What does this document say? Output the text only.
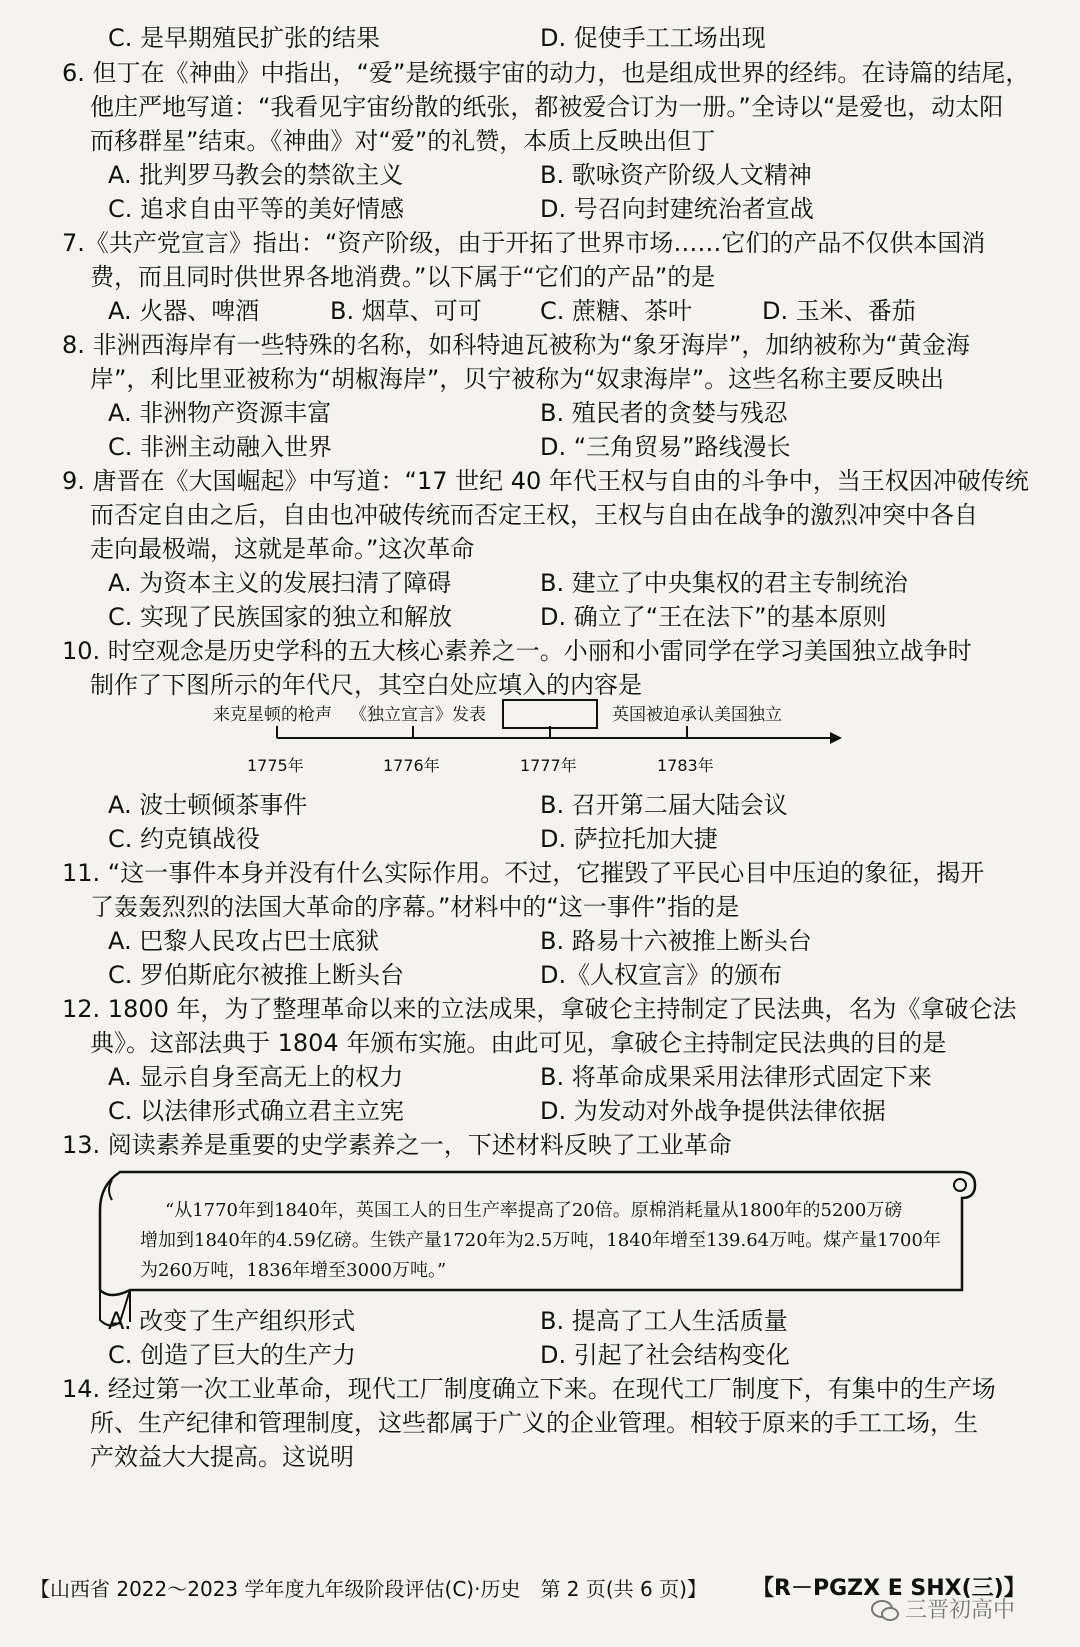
C. 是早期殖民扩张的结果	D. 促使手工工场出现
6. 但丁在《神曲》中指出，“爱”是统摄宇宙的动力，也是组成世界的经纬。在诗篇的结尾，
他庄严地写道：“我看见宇宙纷散的纸张，都被爱合订为一册。”全诗以“是爱也，动太阳
而移群星”结束。《神曲》对“爱”的礼赞，本质上反映出但丁
A. 批判罗马教会的禁欲主义	B. 歌咏资产阶级人文精神
C. 追求自由平等的美好情感	D. 号召向封建统治者宣战
7.《共产党宣言》指出：“资产阶级，由于开拓了世界市场……它们的产品不仅供本国消
费，而且同时供世界各地消费。”以下属于“它们的产品”的是
A. 火器、啤酒	B. 烟草、可可 C. 蔗糖、茶叶	D. 玉米、番茄
8. 非洲西海岸有一些特殊的名称，如科特迪瓦被称为“象牙海岸”，加纳被称为“黄金海
岸”，利比里亚被称为“胡椒海岸”，贝宁被称为“奴隶海岸”。这些名称主要反映出
A. 非洲物产资源丰富	B. 殖民者的贪婪与残忍
C. 非洲主动融入世界	D. “三角贸易”路线漫长
9. 唐晋在《大国崛起》中写道：“17 世纪 40 年代王权与自由的斗争中，当王权因冲破传统
而否定自由之后，自由也冲破传统而否定王权，王权与自由在战争的激烈冲突中各自
走向最极端，这就是革命。”这次革命
A. 为资本主义的发展扫清了障碍	B. 建立了中央集权的君主专制统治
C. 实现了民族国家的独立和解放	D. 确立了“王在法下”的基本原则
10. 时空观念是历史学科的五大核心素养之一。小丽和小雷同学在学习美国独立战争时
制作了下图所示的年代尺，其空白处应填入的内容是
来克星顿的枪声 《独立宣言》发表	英国被迫承认美国独立
1775年	1776年	1777年	1783年
A. 波士顿倾茶事件	B. 召开第二届大陆会议
C. 约克镇战役	D. 萨拉托加大捷
11. “这一事件本身并没有什么实际作用。不过，它摧毁了平民心目中压迫的象征，揭开
了轰轰烈烈的法国大革命的序幕。”材料中的“这一事件”指的是
A. 巴黎人民攻占巴士底狱	B. 路易十六被推上断头台
C. 罗伯斯庇尔被推上断头台	D.《人权宣言》的颁布
12. 1800 年，为了整理革命以来的立法成果，拿破仑主持制定了民法典，名为《拿破仑法
典》。这部法典于 1804 年颁布实施。由此可见，拿破仑主持制定民法典的目的是
A. 显示自身至高无上的权力	B. 将革命成果采用法律形式固定下来
C. 以法律形式确立君主立宪	D. 为发动对外战争提供法律依据
13. 阅读素养是重要的史学素养之一，下述材料反映了工业革命
“从1770年到1840年，英国工人的日生产率提高了20倍。原棉消耗量从1800年的5200万磅
增加到1840年的4.59亿磅。生铁产量1720年为2.5万吨，1840年增至139.64万吨。煤产量1700年
为260万吨，1836年增至3000万吨。”
A. 改变了生产组织形式	B. 提高了工人生活质量
C. 创造了巨大的生产力	D. 引起了社会结构变化
14. 经过第一次工业革命，现代工厂制度确立下来。在现代工厂制度下，有集中的生产场
所、生产纪律和管理制度，这些都属于广义的企业管理。相较于原来的手工工场，生
产效益大大提高。这说明
【山西省 2022～2023 学年度九年级阶段评估(C)·历史　第 2 页(共 6 页)】 【R－PGZX E SHX(三)】
三晋初高中
